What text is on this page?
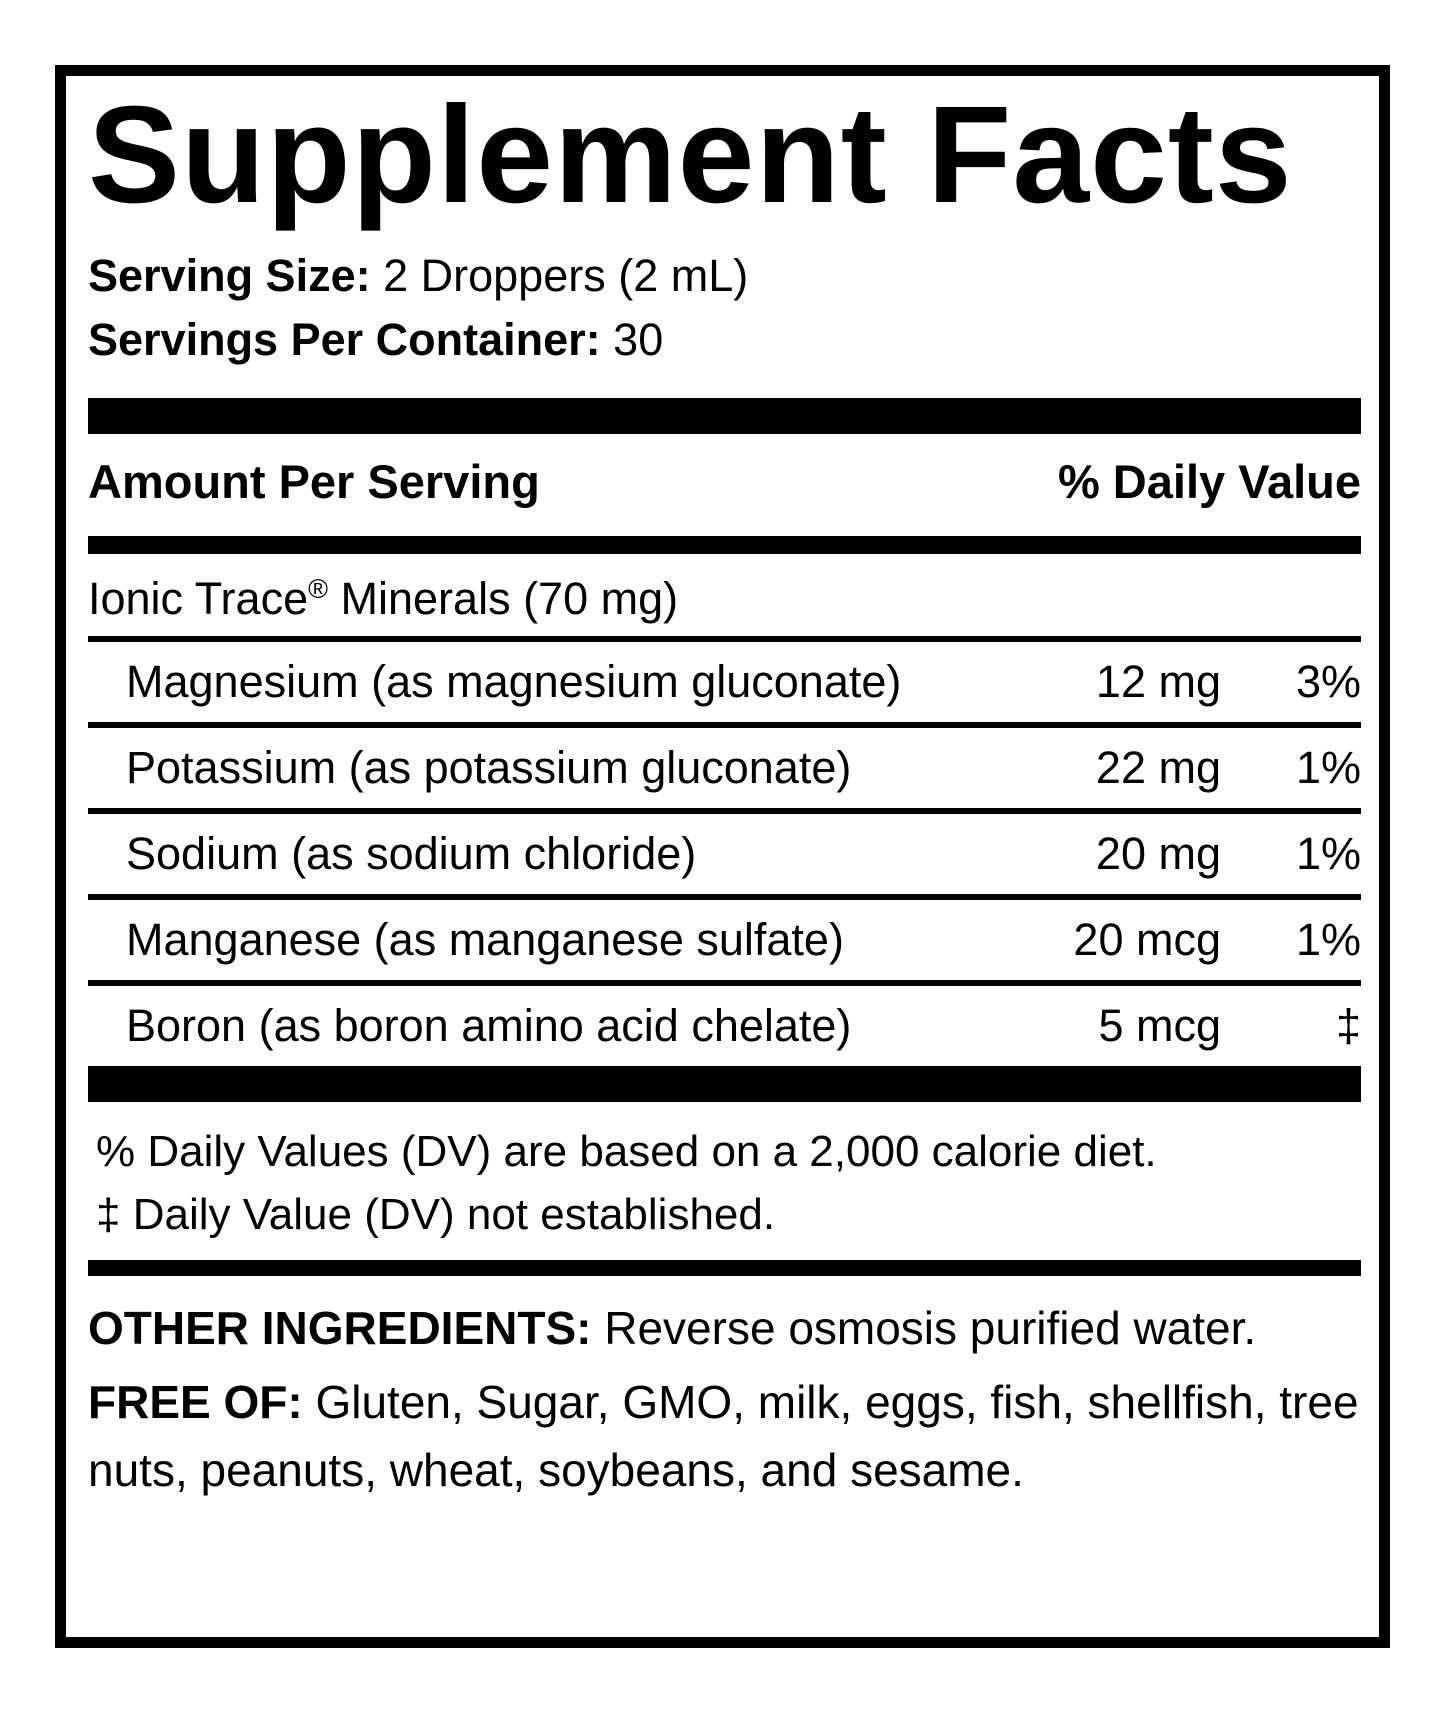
Supplement Facts
Serving Size: 2 Droppers (2 mL)
Servings Per Container: 30
Amount Per Serving	% Daily Value
Ionic Trace® Minerals (70 mg)
Magnesium (as magnesium gluconate)	12 mg	3%
Potassium (as potassium gluconate)	22 mg	1%
Sodium (as sodium chloride)	20 mg	1%
Manganese (as manganese sulfate)	20 mcg	1%
Boron (as boron amino acid chelate)	5 mcg	‡
% Daily Values (DV) are based on a 2,000 calorie diet.
‡ Daily Value (DV) not established.

OTHER INGREDIENTS: Reverse osmosis purified water.

FREE OF: Gluten, Sugar, GMO, milk, eggs, fish, shellfish, tree nuts, peanuts, wheat, soybeans, and sesame.
